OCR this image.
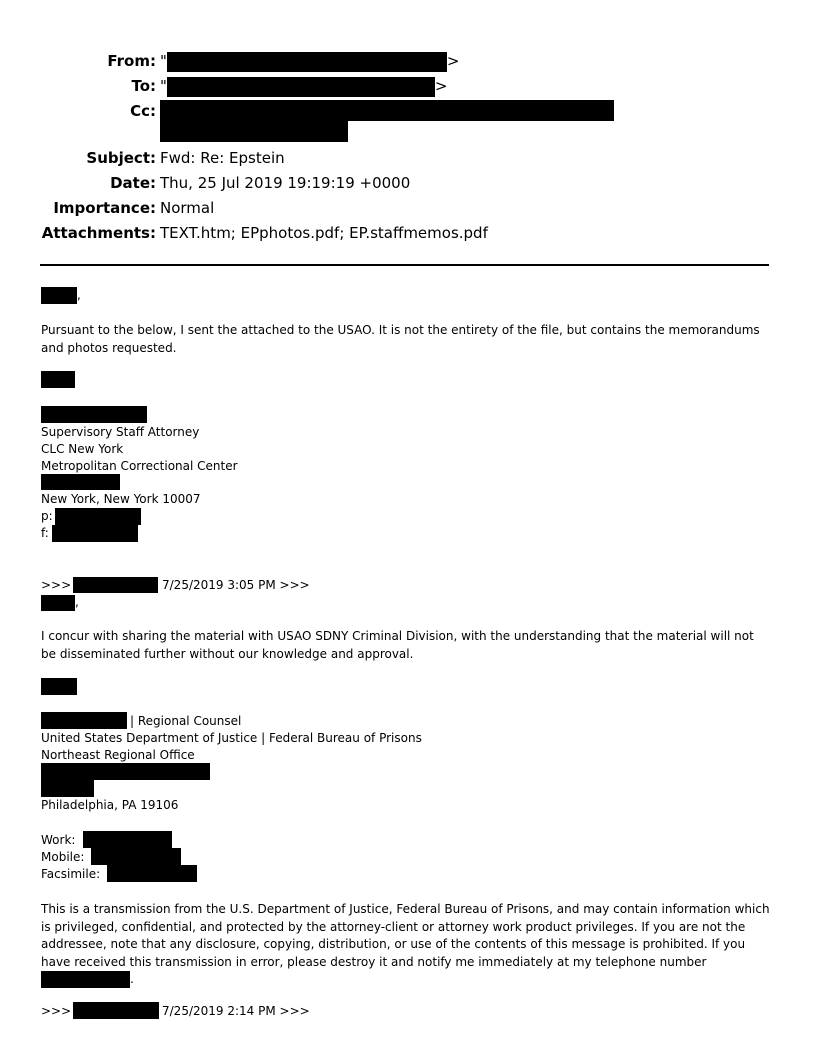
From: "	>
To: "	>
Cc:
Subject: Fwd: Re: Epstein
Date: Thu, 25 Jul 2019 19:19:19 +0000
Importance: Normal
Attachments: TEXT.htm; EPphotos.pdf; EP.staffmemos.pdf
,
Pursuant to the below, I sent the attached to the USAO. It is not the entirety of the file, but contains the memorandums and photos requested.
Supervisory Staff Attorney
CLC New York
Metropolitan Correctional Center
New York, New York 10007
p:
f:
>>>	7/25/2019 3:05 PM >>>
,
I concur with sharing the material with USAO SDNY Criminal Division, with the understanding that the material will not be disseminated further without our knowledge and approval.
| Regional Counsel
United States Department of Justice | Federal Bureau of Prisons
Northeast Regional Office
Philadelphia, PA 19106
Work:
Mobile:
Facsimile:
This is a transmission from the U.S. Department of Justice, Federal Bureau of Prisons, and may contain information which is privileged, confidential, and protected by the attorney-client or attorney work product privileges. If you are not the addressee, note that any disclosure, copying, distribution, or use of the contents of this message is prohibited. If you have received this transmission in error, please destroy it and notify me immediately at my telephone number .
>>>	7/25/2019 2:14 PM >>>
